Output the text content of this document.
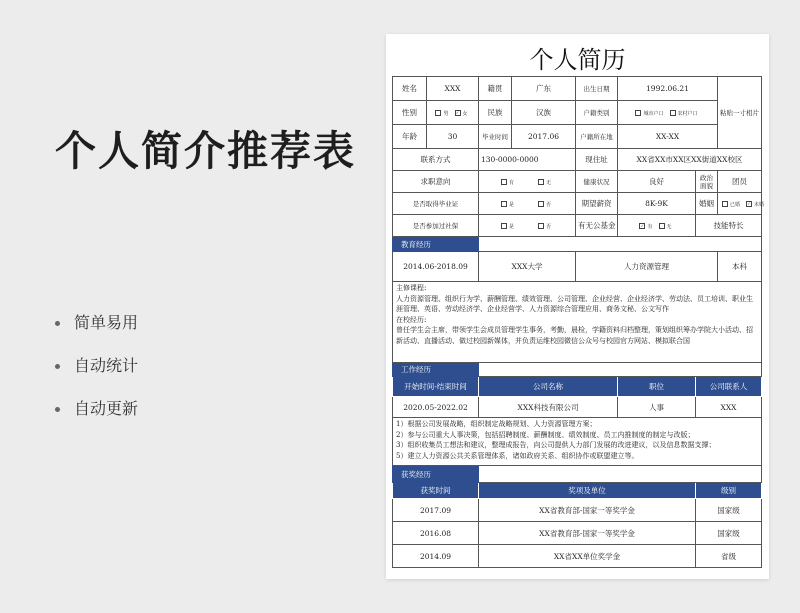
个人简介推荐表
简单易用
自动统计
自动更新
个人简历
姓名	XXX	籍贯	广东	出生日期	1992.06.21		粘贴一寸相片
性别	男 ✓ 女	民族	汉族	户籍类别	城市户口 农村户口		
年龄	30	毕业时间	2017.06	户籍所在地	XX-XX		
联系方式		130-0000-0000		现住址	XX省XX市XX区XX街道XX校区		
求职意向		有 无		健康状况	良好	政治面貌	团员
是否取得毕业证		是 否		期望薪资	8K-9K	婚姻	已婚 ✓ 未婚
是否参加过社保		是 否		有无公基金	✓ 有 无	技能特长	
教育经历							
2014.06-2018.09		XXX大学		人力资源管理			本科
主修课程:
人力资源管理、组织行为学、薪酬管理、绩效管理、公司管理、企业经营、企业经济学、劳动法、员工培训、职业生涯管理、英语、劳动经济学、企业经营学、人力资源综合管理应用、商务文秘、公文写作
在校经历:
曾任学生会主席，带领学生会成员管理学生事务，考勤，晨检，学籍资料归档整理，策划组织筹办学院大小活动、招新活动、直播活动、做过校园新媒体，并负责运维校园微信公众号与校园官方网站、模拟联合国							
工作经历							
开始时间-结束时间		公司名称			职位	公司联系人	
2020.05-2022.02		XXX科技有限公司			人事	XXX	
1）根据公司发展战略，组织制定战略规划、人力资源管理方案；
2）参与公司重大人事决策，包括招聘制度、薪酬制度、绩效制度、员工内推制度的制定与改版；
3）组织收集员工想法和建议，整理成报告，向公司提供人力部门发展的改进建议，以及信息数据支撑；
5）建立人力资源公共关系管理体系，诸如政府关系、组织协作或联盟建立等。							
获奖经历							
获奖时间		奖项及单位				级别	
2017.09		XX省教育部-国家一等奖学金				国家级	
2016.08		XX省教育部-国家一等奖学金				国家级	
2014.09		XX省XX单位奖学金				省级	
